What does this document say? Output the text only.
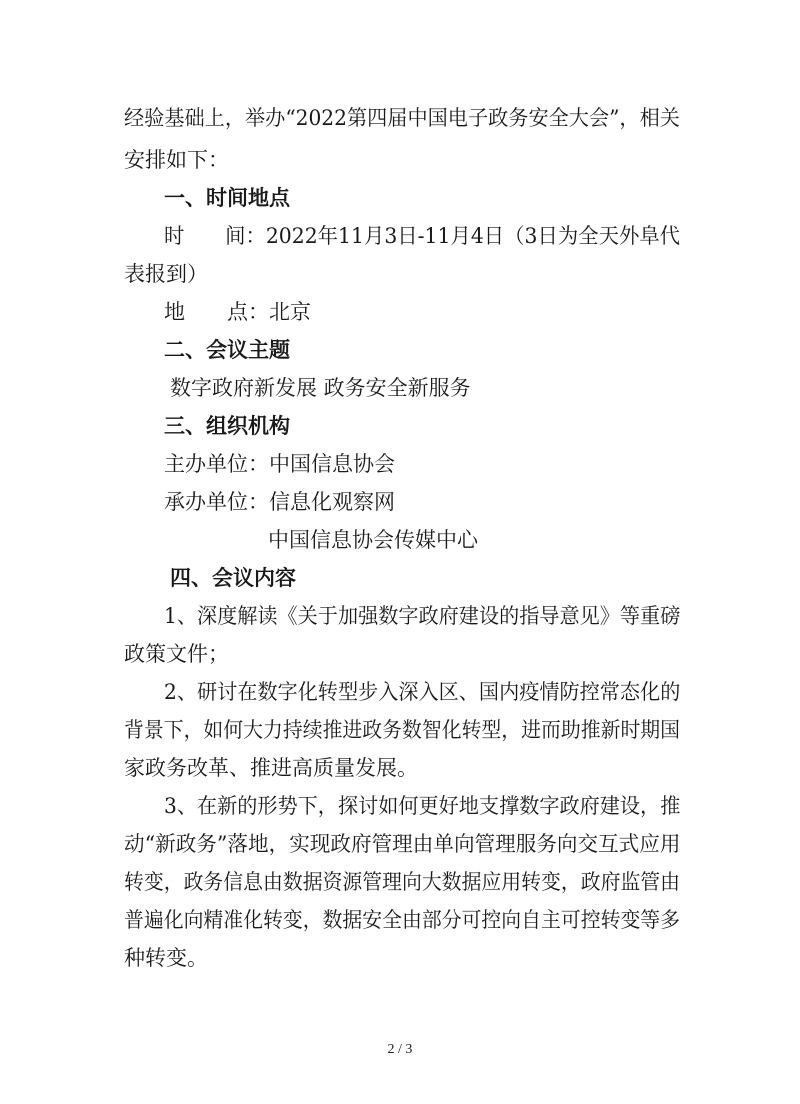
经验基础上，举办“2022第四届中国电子政务安全大会”，相关
安排如下：
一、时间地点
时　　间：2022年11月3日-11月4日（3日为全天外阜代
表报到）
地　　点：北京
二、会议主题
数字政府新发展 政务安全新服务
三、组织机构
主办单位：中国信息协会
承办单位：信息化观察网
中国信息协会传媒中心
四、会议内容
1、深度解读《关于加强数字政府建设的指导意见》等重磅
政策文件；
2、研讨在数字化转型步入深入区、国内疫情防控常态化的
背景下，如何大力持续推进政务数智化转型，进而助推新时期国
家政务改革、推进高质量发展。
3、在新的形势下，探讨如何更好地支撑数字政府建设，推
动“新政务”落地，实现政府管理由单向管理服务向交互式应用
转变，政务信息由数据资源管理向大数据应用转变，政府监管由
普遍化向精准化转变，数据安全由部分可控向自主可控转变等多
种转变。
2 / 3
